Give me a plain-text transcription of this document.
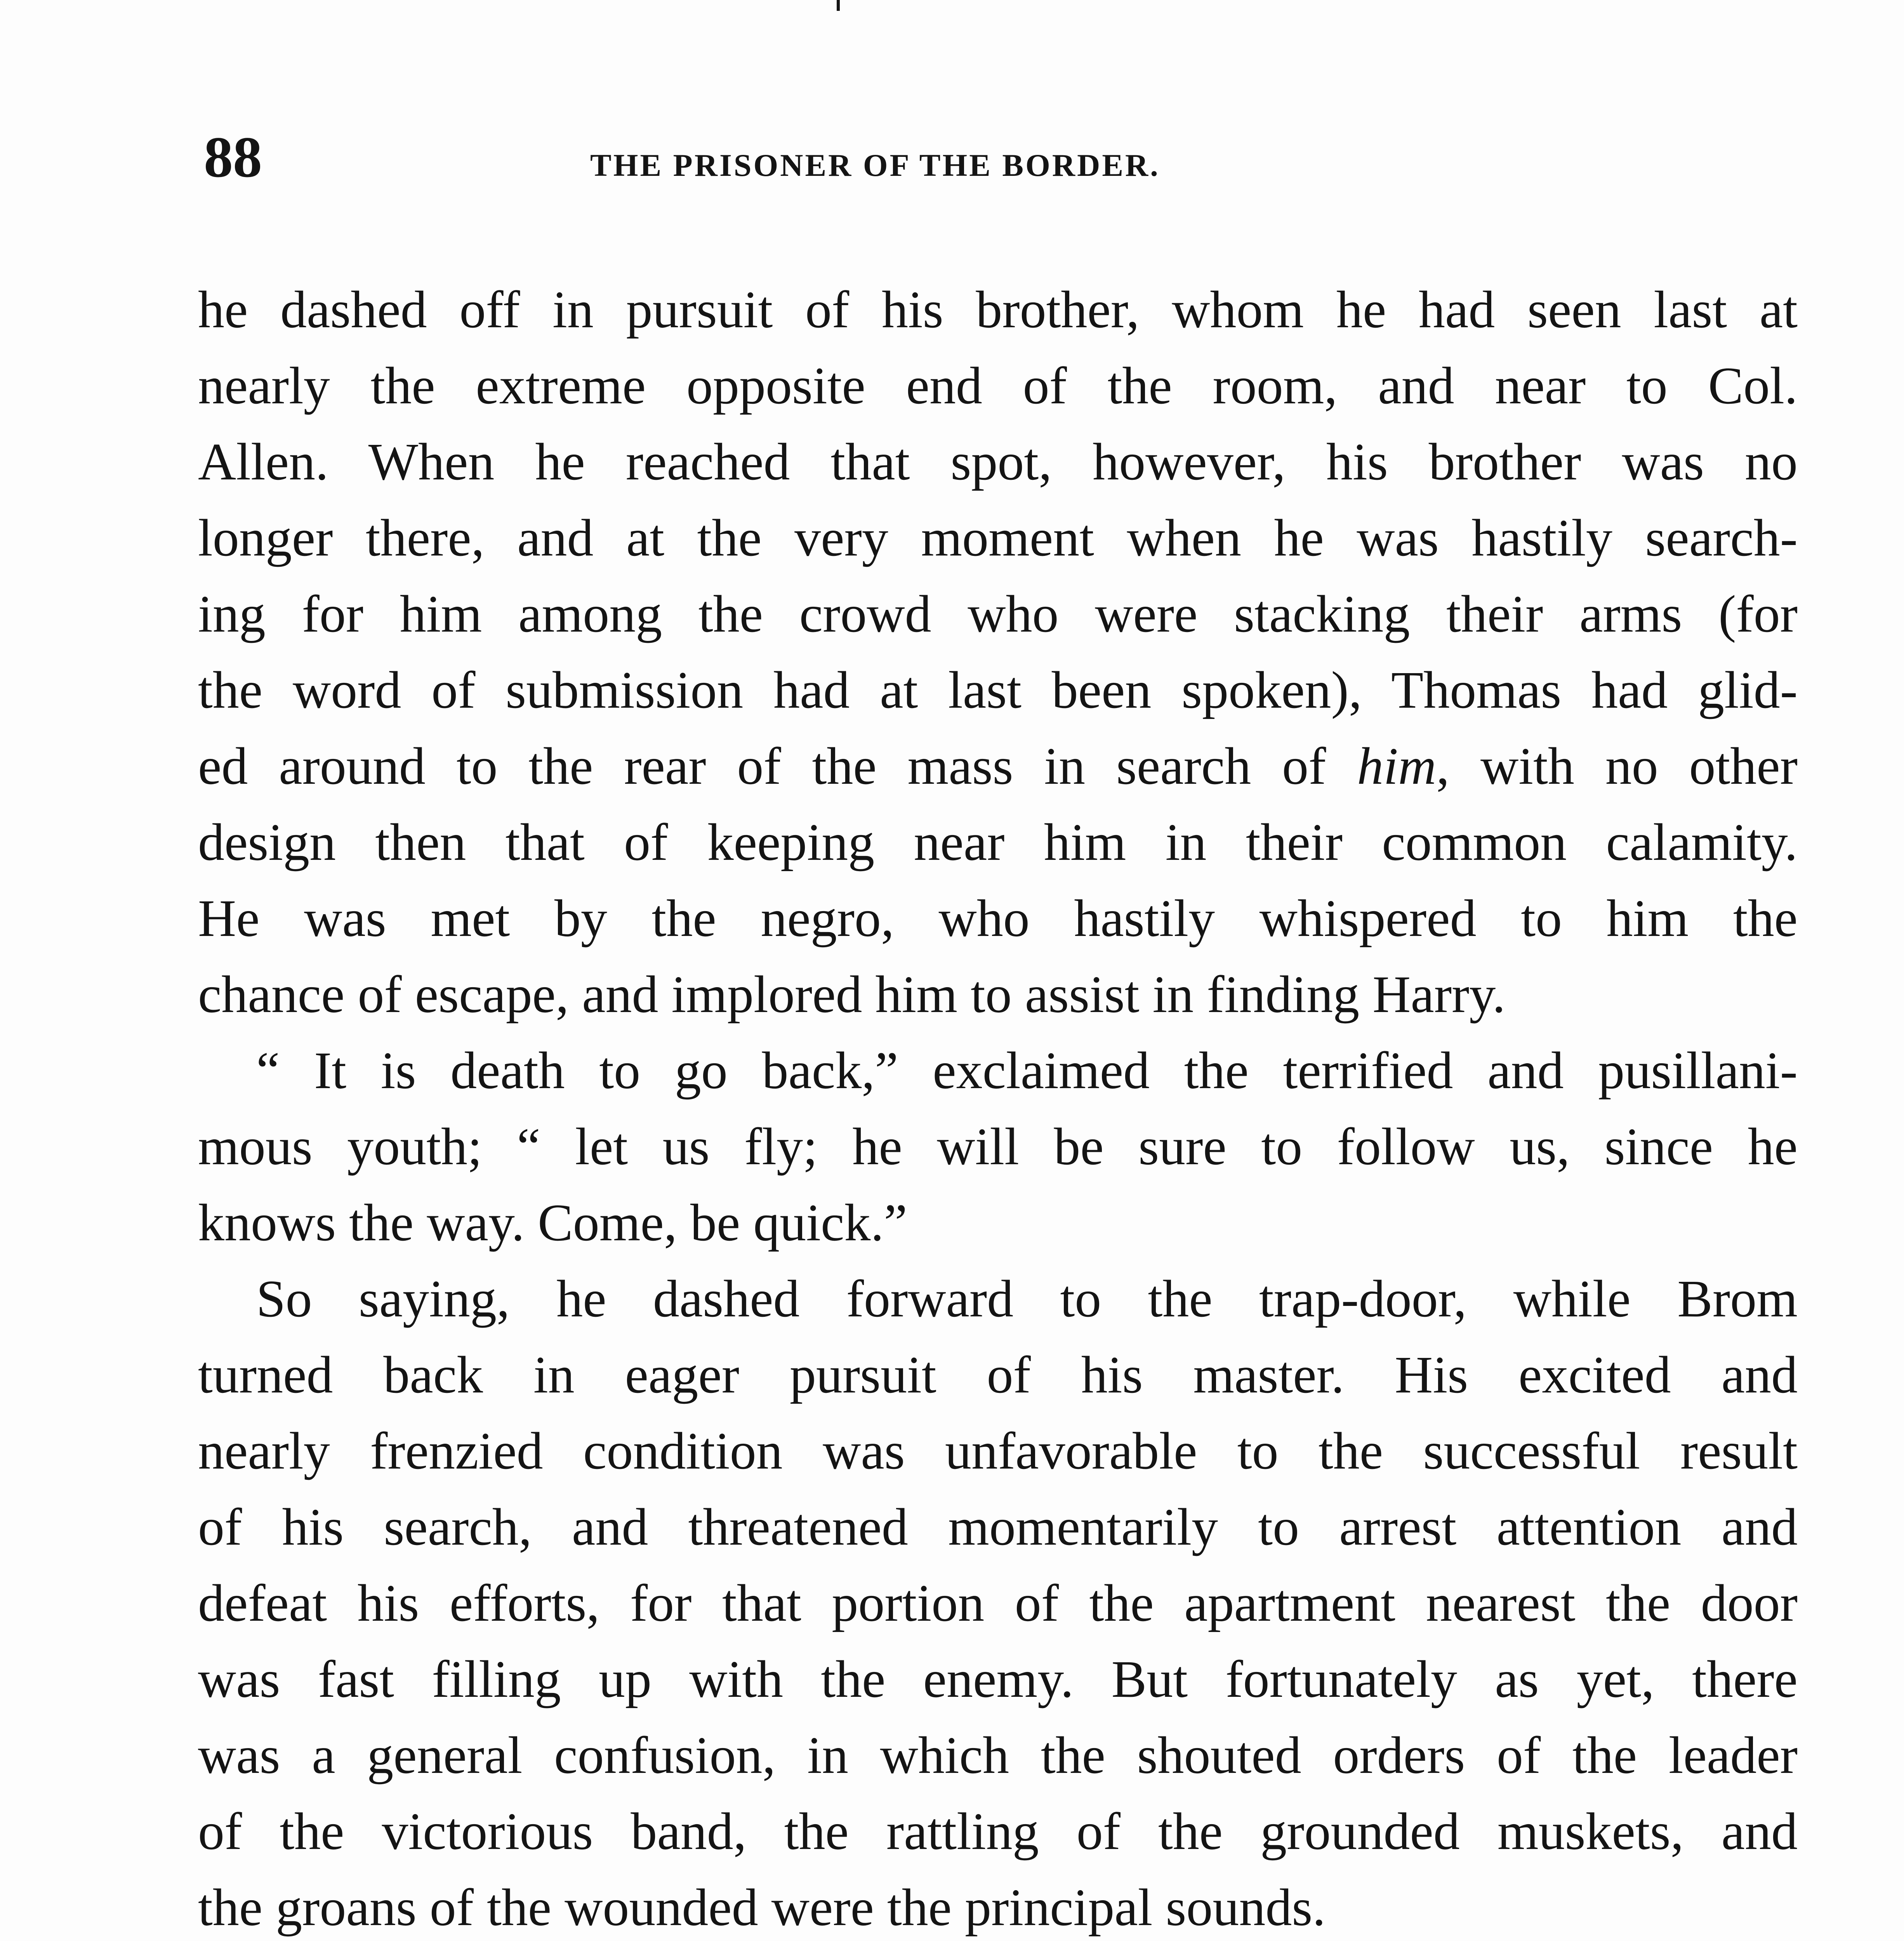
88	THE PRISONER OF THE BORDER.
he dashed off in pursuit of his brother, whom he had seen last at
nearly the extreme opposite end of the room, and near to Col.
Allen. When he reached that spot, however, his brother was no
longer there, and at the very moment when he was hastily search-
ing for him among the crowd who were stacking their arms (for
the word of submission had at last been spoken), Thomas had glid-
ed around to the rear of the mass in search of him, with no other
design then that of keeping near him in their common calamity.
He was met by the negro, who hastily whispered to him the
chance of escape, and implored him to assist in finding Harry.
“ It is death to go back,” exclaimed the terrified and pusillani-
mous youth; “ let us fly; he will be sure to follow us, since he
knows the way. Come, be quick.”
So saying, he dashed forward to the trap-door, while Brom
turned back in eager pursuit of his master. His excited and
nearly frenzied condition was unfavorable to the successful result
of his search, and threatened momentarily to arrest attention and
defeat his efforts, for that portion of the apartment nearest the door
was fast filling up with the enemy. But fortunately as yet, there
was a general confusion, in which the shouted orders of the leader
of the victorious band, the rattling of the grounded muskets, and
the groans of the wounded were the principal sounds.
